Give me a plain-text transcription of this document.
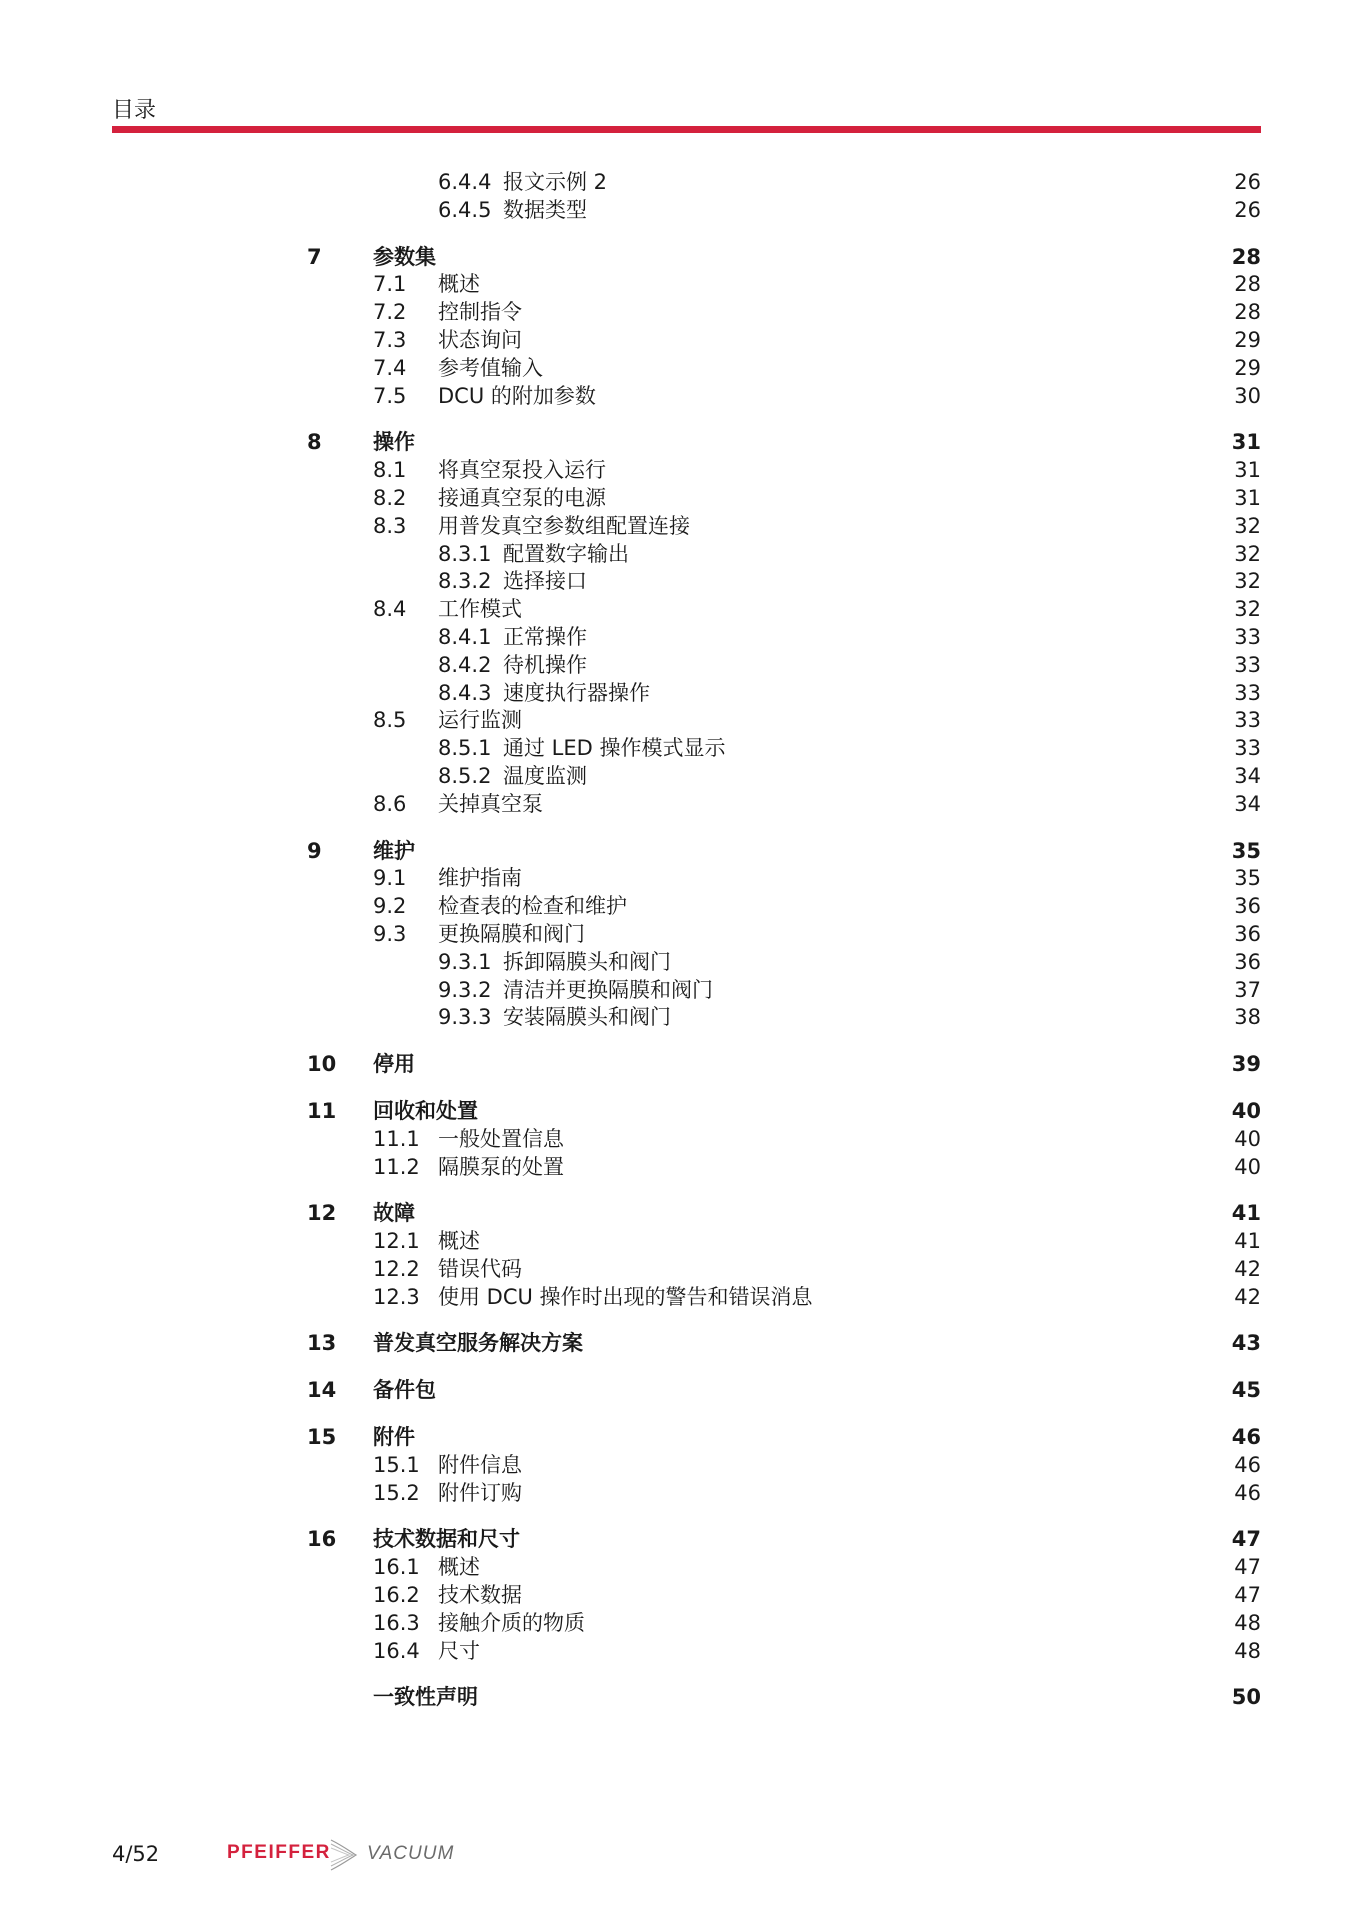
目录
6.4.4 报文示例 2	26
6.4.5 数据类型	26
7 参数集	28
7.1 概述	28
7.2 控制指令	28
7.3 状态询问	29
7.4 参考值输入	29
7.5 DCU 的附加参数	30
8 操作	31
8.1 将真空泵投入运行	31
8.2 接通真空泵的电源	31
8.3 用普发真空参数组配置连接	32
8.3.1 配置数字输出	32
8.3.2 选择接口	32
8.4 工作模式	32
8.4.1 正常操作	33
8.4.2 待机操作	33
8.4.3 速度执行器操作	33
8.5 运行监测	33
8.5.1 通过 LED 操作模式显示	33
8.5.2 温度监测	34
8.6 关掉真空泵	34
9 维护	35
9.1 维护指南	35
9.2 检查表的检查和维护	36
9.3 更换隔膜和阀门	36
9.3.1 拆卸隔膜头和阀门	36
9.3.2 清洁并更换隔膜和阀门	37
9.3.3 安装隔膜头和阀门	38
10 停用	39
11 回收和处置	40
11.1 一般处置信息	40
11.2 隔膜泵的处置	40
12 故障	41
12.1 概述	41
12.2 错误代码	42
12.3 使用 DCU 操作时出现的警告和错误消息	42
13 普发真空服务解决方案	43
14 备件包	45
15 附件	46
15.1 附件信息	46
15.2 附件订购	46
16 技术数据和尺寸	47
16.1 概述	47
16.2 技术数据	47
16.3 接触介质的物质	48
16.4 尺寸	48
一致性声明	50
4/52	PFEIFFER VACUUM
